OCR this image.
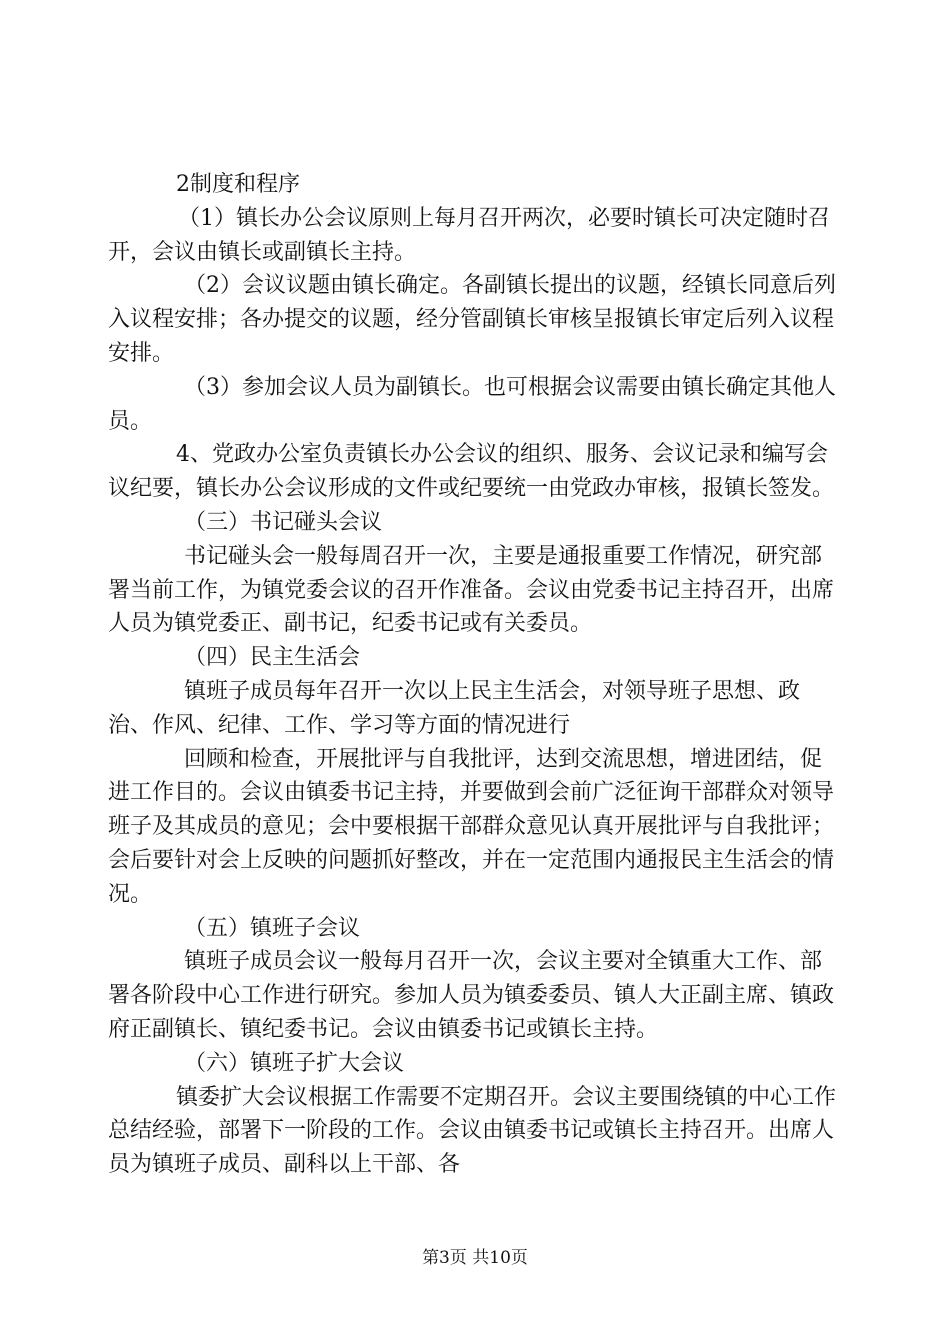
2制度和程序

（1）镇长办公会议原则上每月召开两次，必要时镇长可决定随时召开，会议由镇长或副镇长主持。

（2）会议议题由镇长确定。各副镇长提出的议题，经镇长同意后列入议程安排；各办提交的议题，经分管副镇长审核呈报镇长审定后列入议程安排。

（3）参加会议人员为副镇长。也可根据会议需要由镇长确定其他人员。

4、党政办公室负责镇长办公会议的组织、服务、会议记录和编写会议纪要，镇长办公会议形成的文件或纪要统一由党政办审核，报镇长签发。

（三）书记碰头会议

书记碰头会一般每周召开一次，主要是通报重要工作情况，研究部署当前工作，为镇党委会议的召开作准备。会议由党委书记主持召开，出席人员为镇党委正、副书记，纪委书记或有关委员。

（四）民主生活会

镇班子成员每年召开一次以上民主生活会，对领导班子思想、政治、作风、纪律、工作、学习等方面的情况进行

回顾和检查，开展批评与自我批评，达到交流思想，增进团结，促进工作目的。会议由镇委书记主持，并要做到会前广泛征询干部群众对领导班子及其成员的意见；会中要根据干部群众意见认真开展批评与自我批评；会后要针对会上反映的问题抓好整改，并在一定范围内通报民主生活会的情况。

（五）镇班子会议

镇班子成员会议一般每月召开一次，会议主要对全镇重大工作、部署各阶段中心工作进行研究。参加人员为镇委委员、镇人大正副主席、镇政府正副镇长、镇纪委书记。会议由镇委书记或镇长主持。

（六）镇班子扩大会议

镇委扩大会议根据工作需要不定期召开。会议主要围绕镇的中心工作总结经验，部署下一阶段的工作。会议由镇委书记或镇长主持召开。出席人员为镇班子成员、副科以上干部、各

第3页 共10页
